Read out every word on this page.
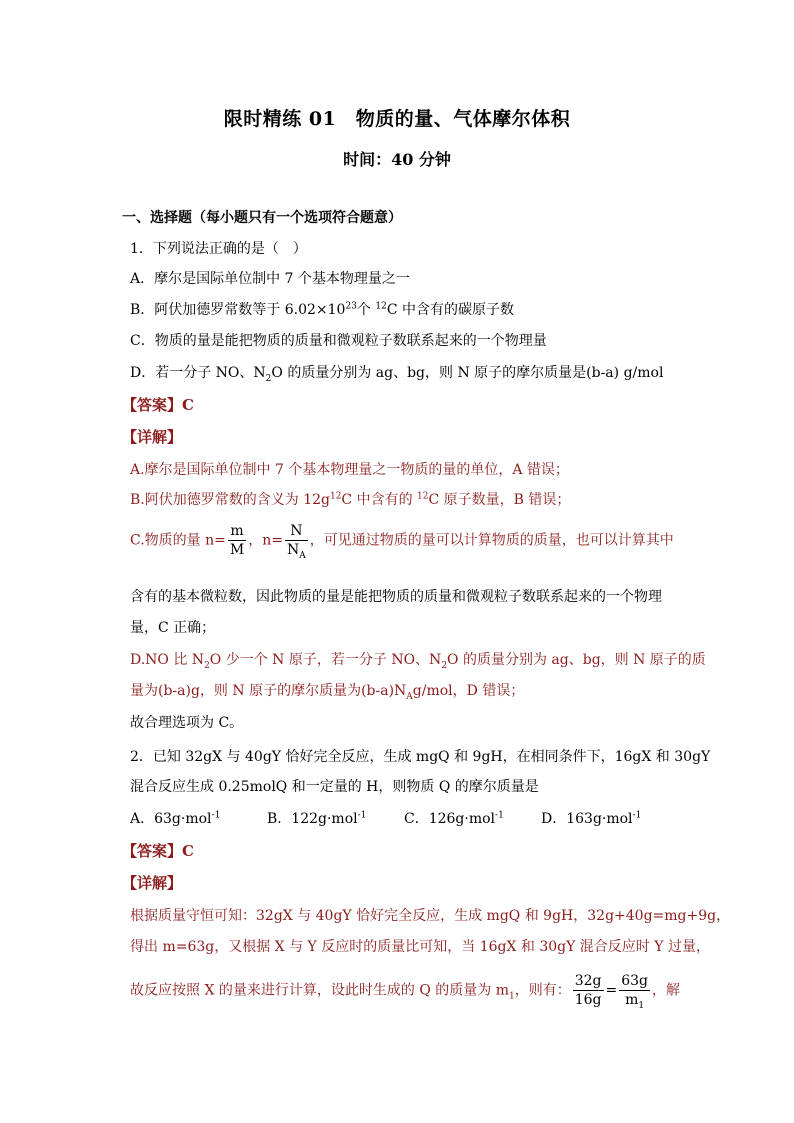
限时精练 01　物质的量、气体摩尔体积
时间：40 分钟
一、选择题（每小题只有一个选项符合题意）
1．下列说法正确的是（　）
A．摩尔是国际单位制中 7 个基本物理量之一
B．阿伏加德罗常数等于 $6.02\times 10^{23}$个 $^{12}$C 中含有的碳原子数
C．物质的量是能把物质的质量和微观粒子数联系起来的一个物理量
D．若一分子 NO、$N_2O$ 的质量分别为 ag、bg，则 N 原子的摩尔质量是(b-a) g/mol
【答案】C
【详解】
A.摩尔是国际单位制中 7 个基本物理量之一物质的量的单位，A 错误；
B.阿伏加德罗常数的含义为 $12g^{12}C$ 中含有的 $^{12}$C 原子数量，B 错误；
C.物质的量 $n= \frac{m}{M}$ ，$n= \frac{N}{N_A}$ ，可见通过物质的量可以计算物质的质量，也可以计算其中
含有的基本微粒数，因此物质的量是能把物质的质量和微观粒子数联系起来的一个物理
量，C 正确；
D.NO 比 $N_2O$ 少一个 N 原子，若一分子 NO、$N_2O$ 的质量分别为 ag、bg，则 N 原子的质
量为(b-a)g，则 N 原子的摩尔质量为$(b-a)N_Ag$/mol，D 错误；
故合理选项为 C。
2．已知 32gX 与 40gY 恰好完全反应，生成 mgQ 和 9gH，在相同条件下，16gX 和 30gY
混合反应生成 0.25molQ 和一定量的 H，则物质 Q 的摩尔质量是
A．63g·mol$^{-1}$	B．122g·mol$^{-1}$	C．126g·mol$^{-1}$	D．163g·mol$^{-1}$
【答案】C
【详解】
根据质量守恒可知：32gX 与 40gY 恰好完全反应，生成 mgQ 和 9gH，32g+40g=mg+9g，
得出 m=63g，又根据 X 与 Y 反应时的质量比可知，当 16gX 和 30gY 混合反应时 Y 过量，
故反应按照 X 的量来进行计算，设此时生成的 Q 的质量为 $m_1$，则有： $\frac{32g}{16g} = \frac{63g}{m_1}$ ，解
